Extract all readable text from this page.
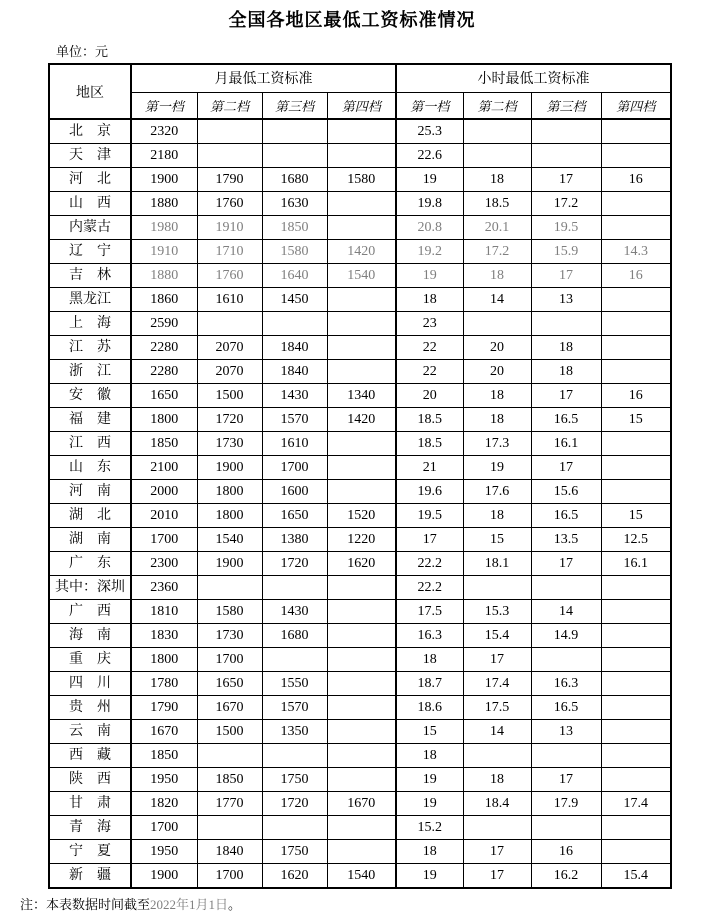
全国各地区最低工资标准情况
单位：元
地区	月最低工资标准				小时最低工资标准			
	第一档	第二档	第三档	第四档	第一档	第二档	第三档	第四档
北　京	2320				25.3			
天　津	2180				22.6			
河　北	1900	1790	1680	1580	19	18	17	16
山　西	1880	1760	1630		19.8	18.5	17.2	
内蒙古	1980	1910	1850		20.8	20.1	19.5	
辽　宁	1910	1710	1580	1420	19.2	17.2	15.9	14.3
吉　林	1880	1760	1640	1540	19	18	17	16
黑龙江	1860	1610	1450		18	14	13	
上　海	2590				23			
江　苏	2280	2070	1840		22	20	18	
浙　江	2280	2070	1840		22	20	18	
安　徽	1650	1500	1430	1340	20	18	17	16
福　建	1800	1720	1570	1420	18.5	18	16.5	15
江　西	1850	1730	1610		18.5	17.3	16.1	
山　东	2100	1900	1700		21	19	17	
河　南	2000	1800	1600		19.6	17.6	15.6	
湖　北	2010	1800	1650	1520	19.5	18	16.5	15
湖　南	1700	1540	1380	1220	17	15	13.5	12.5
广　东	2300	1900	1720	1620	22.2	18.1	17	16.1
其中：深圳	2360				22.2			
广　西	1810	1580	1430		17.5	15.3	14	
海　南	1830	1730	1680		16.3	15.4	14.9	
重　庆	1800	1700			18	17		
四　川	1780	1650	1550		18.7	17.4	16.3	
贵　州	1790	1670	1570		18.6	17.5	16.5	
云　南	1670	1500	1350		15	14	13	
西　藏	1850				18			
陕　西	1950	1850	1750		19	18	17	
甘　肃	1820	1770	1720	1670	19	18.4	17.9	17.4
青　海	1700				15.2			
宁　夏	1950	1840	1750		18	17	16	
新　疆	1900	1700	1620	1540	19	17	16.2	15.4
注：本表数据时间截至2022年1月1日。
